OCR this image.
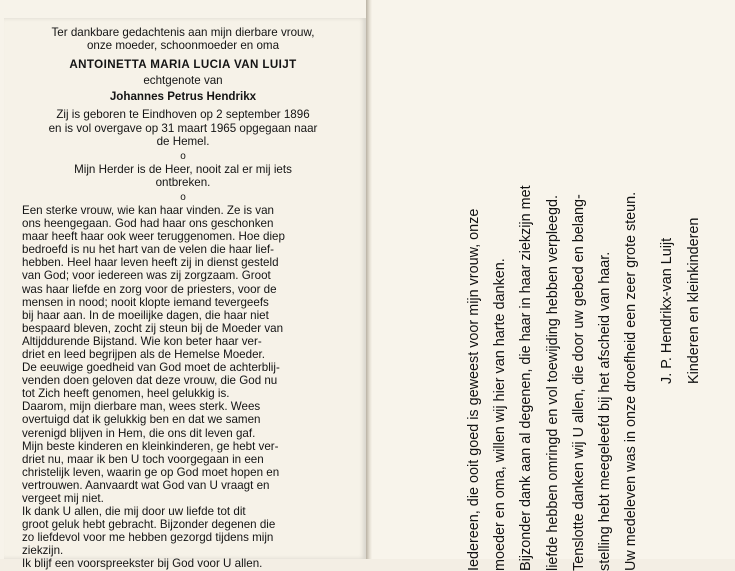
Ter dankbare gedachtenis aan mijn dierbare vrouw,
onze moeder, schoonmoeder en oma
ANTOINETTA MARIA LUCIA VAN LUIJT
echtgenote van
Johannes Petrus Hendrikx
Zij is geboren te Eindhoven op 2 september 1896
en is vol overgave op 31 maart 1965 opgegaan naar
de Hemel.
o
Mijn Herder is de Heer, nooit zal er mij iets
ontbreken.
o
Een sterke vrouw, wie kan haar vinden. Ze is van
ons heengegaan. God had haar ons geschonken
maar heeft haar ook weer teruggenomen. Hoe diep
bedroefd is nu het hart van de velen die haar lief-
hebben. Heel haar leven heeft zij in dienst gesteld
van God; voor iedereen was zij zorgzaam. Groot
was haar liefde en zorg voor de priesters, voor de
mensen in nood; nooit klopte iemand tevergeefs
bij haar aan. In de moeilijke dagen, die haar niet
bespaard bleven, zocht zij steun bij de Moeder van
Altijddurende Bijstand. Wie kon beter haar ver-
driet en leed begrijpen als de Hemelse Moeder.
De eeuwige goedheid van God moet de achterblij-
venden doen geloven dat deze vrouw, die God nu
tot Zich heeft genomen, heel gelukkig is.
Daarom, mijn dierbare man, wees sterk. Wees
overtuigd dat ik gelukkig ben en dat we samen
verenigd blijven in Hem, die ons dit leven gaf.
Mijn beste kinderen en kleinkinderen, ge hebt ver-
driet nu, maar ik ben U toch voorgegaan in een
christelijk leven, waarin ge op God moet hopen en
vertrouwen. Aanvaardt wat God van U vraagt en
vergeet mij niet.
Ik dank U allen, die mij door uw liefde tot dit
groot geluk hebt gebracht. Bijzonder degenen die
zo liefdevol voor me hebben gezorgd tijdens mijn
ziekzijn.
Ik blijf een voorspreekster bij God voor U allen.	Iedereen, die ooit goed is geweest voor mijn vrouw, onze moeder en oma, willen wij hier van harte danken. Bijzonder dank aan al degenen, die haar in haar ziekzijn met liefde hebben omringd en vol toewijding hebben verpleegd. Tenslotte danken wij U allen, die door uw gebed en belang- stelling hebt meegeleefd bij het afscheid van haar. Uw medeleven was in onze droefheid een zeer grote steun.	J. P. Hendrikx-van Luijt Kinderen en kleinkinderen
